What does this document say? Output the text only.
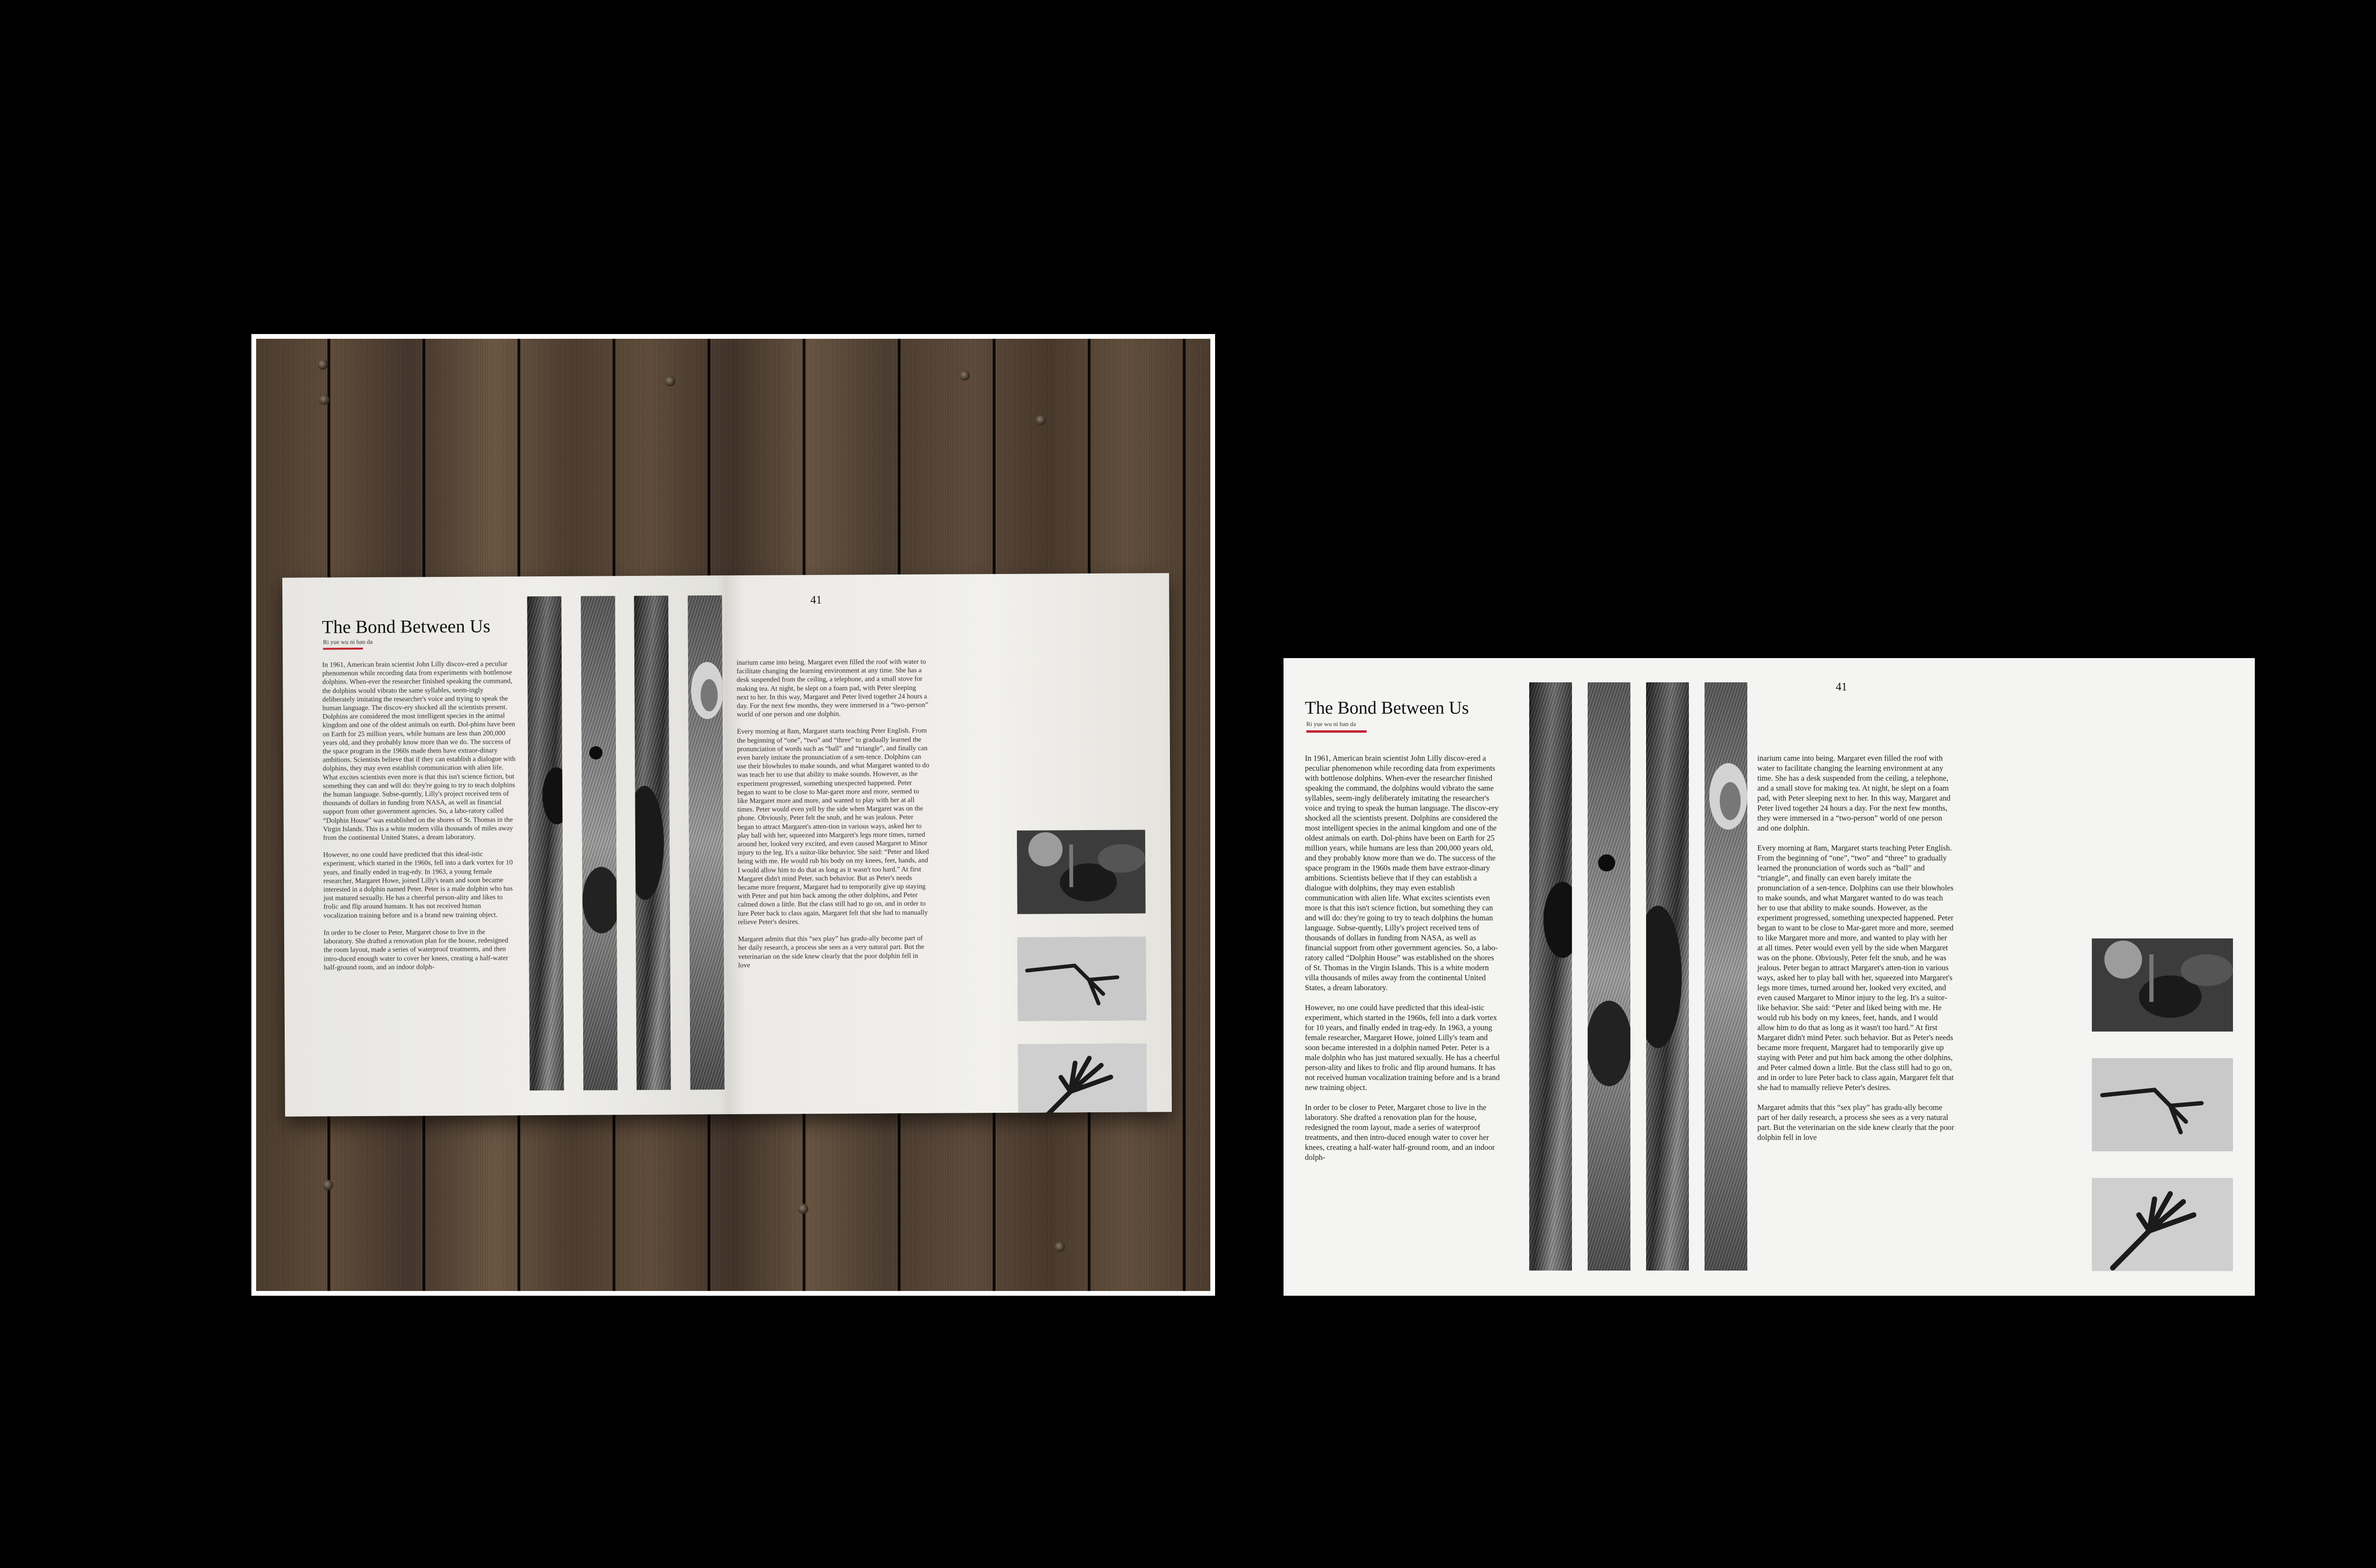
The Bond Between Us
Ri yue wu ni ban da

In 1961, American brain scientist John Lilly discov-ered a peculiar phenomenon while recording data from experiments with bottlenose dolphins. When-ever the researcher finished speaking the command, the dolphins would vibrato the same syllables, seem-ingly deliberately imitating the researcher's voice and trying to speak the human language. The discov-ery shocked all the scientists present. Dolphins are considered the most intelligent species in the animal kingdom and one of the oldest animals on earth. Dol-phins have been on Earth for 25 million years, while humans are less than 200,000 years old, and they probably know more than we do. The success of the space program in the 1960s made them have extraor-dinary ambitions. Scientists believe that if they can establish a dialogue with dolphins, they may even establish communication with alien life. What excites scientists even more is that this isn't science fiction, but something they can and will do: they're going to try to teach dolphins the human language. Subse-quently, Lilly's project received tens of thousands of dollars in funding from NASA, as well as financial support from other government agencies. So, a labo-ratory called “Dolphin House” was established on the shores of St. Thomas in the Virgin Islands. This is a white modern villa thousands of miles away from the continental United States, a dream laboratory.

However, no one could have predicted that this ideal-istic experiment, which started in the 1960s, fell into a dark vortex for 10 years, and finally ended in trag-edy. In 1963, a young female researcher, Margaret Howe, joined Lilly's team and soon became interested in a dolphin named Peter. Peter is a male dolphin who has just matured sexually. He has a cheerful person-ality and likes to frolic and flip around humans. It has not received human vocalization training before and is a brand new training object.

In order to be closer to Peter, Margaret chose to live in the laboratory. She drafted a renovation plan for the house, redesigned the room layout, made a series of waterproof treatments, and then intro-duced enough water to cover her knees, creating a half-water half-ground room, and an indoor dolph-

41

inarium came into being. Margaret even filled the roof with water to facilitate changing the learning environment at any time. She has a desk suspended from the ceiling, a telephone, and a small stove for making tea. At night, he slept on a foam pad, with Peter sleeping next to her. In this way, Margaret and Peter lived together 24 hours a day. For the next few months, they were immersed in a “two-person” world of one person and one dolphin.

Every morning at 8am, Margaret starts teaching Peter English. From the beginning of “one”, “two” and “three” to gradually learned the pronunciation of words such as “ball” and “triangle”, and finally can even barely imitate the pronunciation of a sen-tence. Dolphins can use their blowholes to make sounds, and what Margaret wanted to do was teach her to use that ability to make sounds. However, as the experiment progressed, something unexpected happened. Peter began to want to be close to Mar-garet more and more, seemed to like Margaret more and more, and wanted to play with her at all times. Peter would even yell by the side when Margaret was on the phone. Obviously, Peter felt the snub, and he was jealous. Peter began to attract Margaret's atten-tion in various ways, asked her to play ball with her, squeezed into Margaret's legs more times, turned around her, looked very excited, and even caused Margaret to Minor injury to the leg. It's a suitor-like behavior. She said: “Peter and liked being with me. He would rub his body on my knees, feet, hands, and I would allow him to do that as long as it wasn't too hard.” At first Margaret didn't mind Peter. such behavior. But as Peter's needs became more frequent, Margaret had to temporarily give up staying with Peter and put him back among the other dolphins, and Peter calmed down a little. But the class still had to go on, and in order to lure Peter back to class again, Margaret felt that she had to manually relieve Peter's desires.

Margaret admits that this “sex play” has gradu-ally become part of her daily research, a process she sees as a very natural part. But the veterinarian on the side knew clearly that the poor dolphin fell in love

The Bond Between Us
Ri yue wu ni ban da

In 1961, American brain scientist John Lilly discov-ered a peculiar phenomenon while recording data from experiments with bottlenose dolphins. When-ever the researcher finished speaking the command, the dolphins would vibrato the same syllables, seem-ingly deliberately imitating the researcher's voice and trying to speak the human language. The discov-ery shocked all the scientists present. Dolphins are considered the most intelligent species in the animal kingdom and one of the oldest animals on earth. Dol-phins have been on Earth for 25 million years, while humans are less than 200,000 years old, and they probably know more than we do. The success of the space program in the 1960s made them have extraor-dinary ambitions. Scientists believe that if they can establish a dialogue with dolphins, they may even establish communication with alien life. What excites scientists even more is that this isn't science fiction, but something they can and will do: they're going to try to teach dolphins the human language. Subse-quently, Lilly's project received tens of thousands of dollars in funding from NASA, as well as financial support from other government agencies. So, a labo-ratory called “Dolphin House” was established on the shores of St. Thomas in the Virgin Islands. This is a white modern villa thousands of miles away from the continental United States, a dream laboratory.

However, no one could have predicted that this ideal-istic experiment, which started in the 1960s, fell into a dark vortex for 10 years, and finally ended in trag-edy. In 1963, a young female researcher, Margaret Howe, joined Lilly's team and soon became interested in a dolphin named Peter. Peter is a male dolphin who has just matured sexually. He has a cheerful person-ality and likes to frolic and flip around humans. It has not received human vocalization training before and is a brand new training object.

In order to be closer to Peter, Margaret chose to live in the laboratory. She drafted a renovation plan for the house, redesigned the room layout, made a series of waterproof treatments, and then intro-duced enough water to cover her knees, creating a half-water half-ground room, and an indoor dolph-

41

inarium came into being. Margaret even filled the roof with water to facilitate changing the learning environment at any time. She has a desk suspended from the ceiling, a telephone, and a small stove for making tea. At night, he slept on a foam pad, with Peter sleeping next to her. In this way, Margaret and Peter lived together 24 hours a day. For the next few months, they were immersed in a “two-person” world of one person and one dolphin.

Every morning at 8am, Margaret starts teaching Peter English. From the beginning of “one”, “two” and “three” to gradually learned the pronunciation of words such as “ball” and “triangle”, and finally can even barely imitate the pronunciation of a sen-tence. Dolphins can use their blowholes to make sounds, and what Margaret wanted to do was teach her to use that ability to make sounds. However, as the experiment progressed, something unexpected happened. Peter began to want to be close to Mar-garet more and more, seemed to like Margaret more and more, and wanted to play with her at all times. Peter would even yell by the side when Margaret was on the phone. Obviously, Peter felt the snub, and he was jealous. Peter began to attract Margaret's atten-tion in various ways, asked her to play ball with her, squeezed into Margaret's legs more times, turned around her, looked very excited, and even caused Margaret to Minor injury to the leg. It's a suitor-like behavior. She said: “Peter and liked being with me. He would rub his body on my knees, feet, hands, and I would allow him to do that as long as it wasn't too hard.” At first Margaret didn't mind Peter. such behavior. But as Peter's needs became more frequent, Margaret had to temporarily give up staying with Peter and put him back among the other dolphins, and Peter calmed down a little. But the class still had to go on, and in order to lure Peter back to class again, Margaret felt that she had to manually relieve Peter's desires.

Margaret admits that this “sex play” has gradu-ally become part of her daily research, a process she sees as a very natural part. But the veterinarian on the side knew clearly that the poor dolphin fell in love
